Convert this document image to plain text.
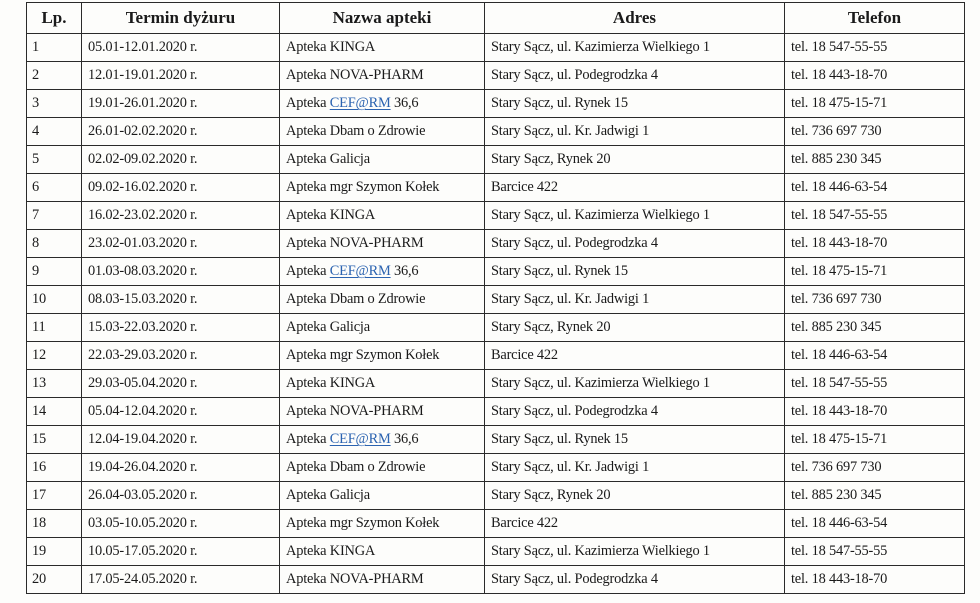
Lp.	Termin dyżuru	Nazwa apteki	Adres	Telefon
1	05.01-12.01.2020 r.	Apteka KINGA	Stary Sącz, ul. Kazimierza Wielkiego 1	tel. 18 547-55-55
2	12.01-19.01.2020 r.	Apteka NOVA-PHARM	Stary Sącz, ul. Podegrodzka 4	tel. 18 443-18-70
3	19.01-26.01.2020 r.	Apteka CEF@RM 36,6	Stary Sącz, ul. Rynek 15	tel. 18 475-15-71
4	26.01-02.02.2020 r.	Apteka Dbam o Zdrowie	Stary Sącz, ul. Kr. Jadwigi 1	tel. 736 697 730
5	02.02-09.02.2020 r.	Apteka Galicja	Stary Sącz, Rynek 20	tel. 885 230 345
6	09.02-16.02.2020 r.	Apteka mgr Szymon Kołek	Barcice 422	tel. 18 446-63-54
7	16.02-23.02.2020 r.	Apteka KINGA	Stary Sącz, ul. Kazimierza Wielkiego 1	tel. 18 547-55-55
8	23.02-01.03.2020 r.	Apteka NOVA-PHARM	Stary Sącz, ul. Podegrodzka 4	tel. 18 443-18-70
9	01.03-08.03.2020 r.	Apteka CEF@RM 36,6	Stary Sącz, ul. Rynek 15	tel. 18 475-15-71
10	08.03-15.03.2020 r.	Apteka Dbam o Zdrowie	Stary Sącz, ul. Kr. Jadwigi 1	tel. 736 697 730
11	15.03-22.03.2020 r.	Apteka Galicja	Stary Sącz, Rynek 20	tel. 885 230 345
12	22.03-29.03.2020 r.	Apteka mgr Szymon Kołek	Barcice 422	tel. 18 446-63-54
13	29.03-05.04.2020 r.	Apteka KINGA	Stary Sącz, ul. Kazimierza Wielkiego 1	tel. 18 547-55-55
14	05.04-12.04.2020 r.	Apteka NOVA-PHARM	Stary Sącz, ul. Podegrodzka 4	tel. 18 443-18-70
15	12.04-19.04.2020 r.	Apteka CEF@RM 36,6	Stary Sącz, ul. Rynek 15	tel. 18 475-15-71
16	19.04-26.04.2020 r.	Apteka Dbam o Zdrowie	Stary Sącz, ul. Kr. Jadwigi 1	tel. 736 697 730
17	26.04-03.05.2020 r.	Apteka Galicja	Stary Sącz, Rynek 20	tel. 885 230 345
18	03.05-10.05.2020 r.	Apteka mgr Szymon Kołek	Barcice 422	tel. 18 446-63-54
19	10.05-17.05.2020 r.	Apteka KINGA	Stary Sącz, ul. Kazimierza Wielkiego 1	tel. 18 547-55-55
20	17.05-24.05.2020 r.	Apteka NOVA-PHARM	Stary Sącz, ul. Podegrodzka 4	tel. 18 443-18-70
